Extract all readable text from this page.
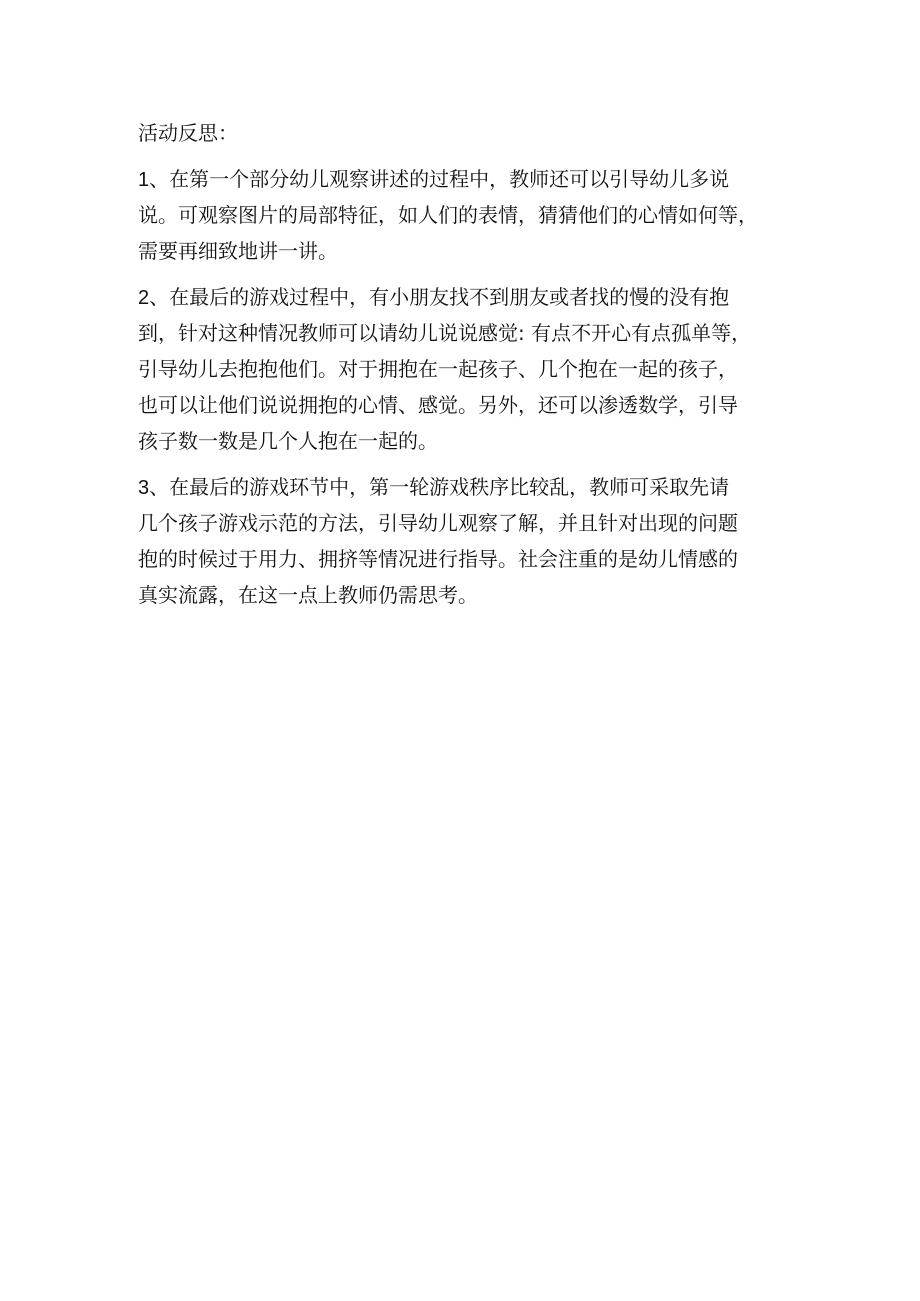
活动反思：

1、在第一个部分幼儿观察讲述的过程中，教师还可以引导幼儿多说
说。可观察图片的局部特征，如人们的表情，猜猜他们的心情如何等，
需要再细致地讲一讲。
2、在最后的游戏过程中，有小朋友找不到朋友或者找的慢的没有抱
到，针对这种情况教师可以请幼儿说说感觉: 有点不开心有点孤单等，
引导幼儿去抱抱他们。对于拥抱在一起孩子、几个抱在一起的孩子，
也可以让他们说说拥抱的心情、感觉。另外，还可以渗透数学，引导
孩子数一数是几个人抱在一起的。
3、在最后的游戏环节中，第一轮游戏秩序比较乱，教师可采取先请
几个孩子游戏示范的方法，引导幼儿观察了解，并且针对出现的问题
抱的时候过于用力、拥挤等情况进行指导。社会注重的是幼儿情感的
真实流露，在这一点上教师仍需思考。
